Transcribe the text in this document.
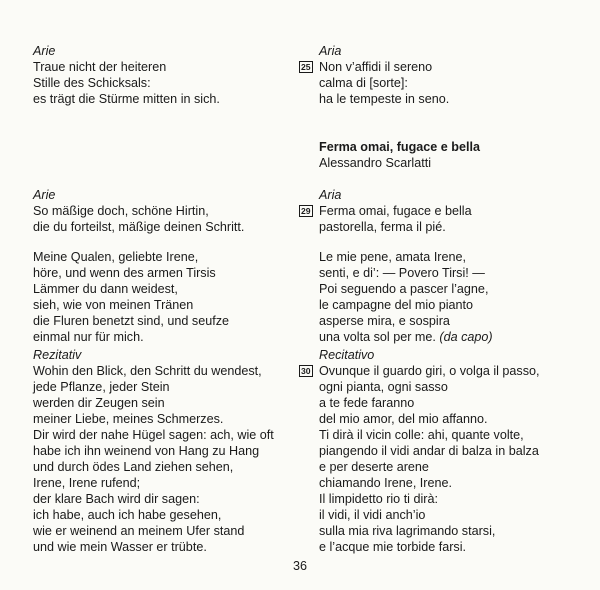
Arie
Traue nicht der heiteren
Stille des Schicksals:
es trägt die Stürme mitten in sich.
Arie
So mäßige doch, schöne Hirtin,
die du forteilst, mäßige deinen Schritt.
Meine Qualen, geliebte Irene,
höre, und wenn des armen Tirsis
Lämmer du dann weidest,
sieh, wie von meinen Tränen
die Fluren benetzt sind, und seufze
einmal nur für mich.
Rezitativ
Wohin den Blick, den Schritt du wendest,
jede Pflanze, jeder Stein
werden dir Zeugen sein
meiner Liebe, meines Schmerzes.
Dir wird der nahe Hügel sagen: ach, wie oft
habe ich ihn weinend von Hang zu Hang
und durch ödes Land ziehen sehen,
Irene, Irene rufend;
der klare Bach wird dir sagen:
ich habe, auch ich habe gesehen,
wie er weinend an meinem Ufer stand
und wie mein Wasser er trübte.
Aria
25 Non v’affidi il sereno
calma di [sorte]:
ha le tempeste in seno.
Ferma omai, fugace e bella
Alessandro Scarlatti
Aria
29 Ferma omai, fugace e bella
pastorella, ferma il pié.
Le mie pene, amata Irene,
senti, e di’: — Povero Tirsi! —
Poi seguendo a pascer l’agne,
le campagne del mio pianto
asperse mira, e sospira
una volta sol per me. (da capo)
Recitativo
30 Ovunque il guardo giri, o volga il passo,
ogni pianta, ogni sasso
a te fede faranno
del mio amor, del mio affanno.
Ti dirà il vicin colle: ahi, quante volte,
piangendo il vidi andar di balza in balza
e per deserte arene
chiamando Irene, Irene.
Il limpidetto rio ti dirà:
il vidi, il vidi anch’io
sulla mia riva lagrimando starsi,
e l’acque mie torbide farsi.
36
